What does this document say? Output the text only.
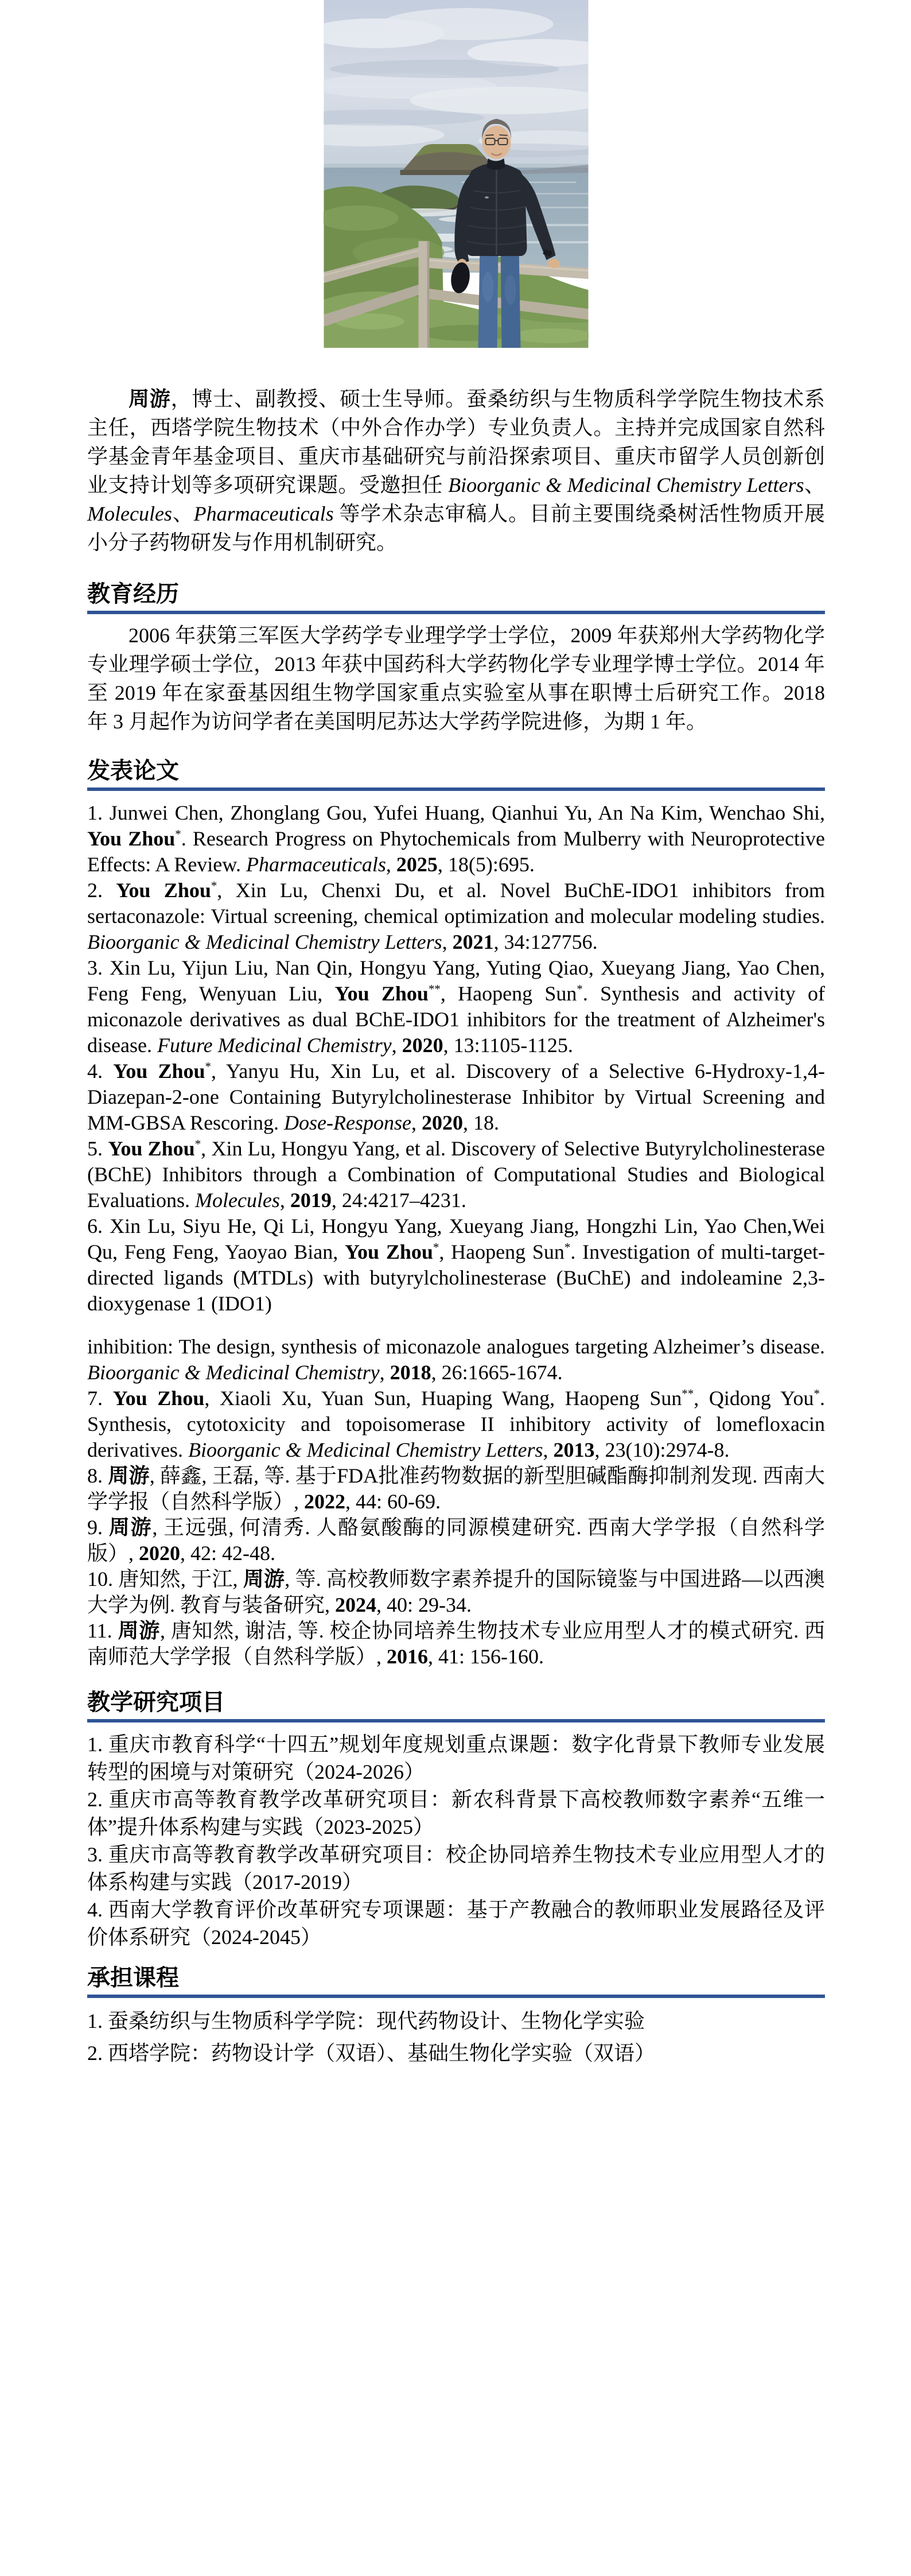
周游，博士、副教授、硕士生导师。蚕桑纺织与生物质科学学院生物技术系主任，西塔学院生物技术（中外合作办学）专业负责人。主持并完成国家自然科学基金青年基金项目、重庆市基础研究与前沿探索项目、重庆市留学人员创新创业支持计划等多项研究课题。受邀担任 Bioorganic & Medicinal Chemistry Letters、Molecules、Pharmaceuticals 等学术杂志审稿人。目前主要围绕桑树活性物质开展小分子药物研发与作用机制研究。

教育经历

2006 年获第三军医大学药学专业理学学士学位，2009 年获郑州大学药物化学专业理学硕士学位，2013 年获中国药科大学药物化学专业理学博士学位。2014 年至 2019 年在家蚕基因组生物学国家重点实验室从事在职博士后研究工作。2018 年 3 月起作为访问学者在美国明尼苏达大学药学院进修，为期 1 年。

发表论文
1. Junwei Chen, Zhonglang Gou, Yufei Huang, Qianhui Yu, An Na Kim, Wenchao Shi, You Zhou*. Research Progress on Phytochemicals from Mulberry with Neuroprotective Effects: A Review. Pharmaceuticals, 2025, 18(5):695.
2. You Zhou*, Xin Lu, Chenxi Du, et al. Novel BuChE-IDO1 inhibitors from sertaconazole: Virtual screening, chemical optimization and molecular modeling studies. Bioorganic & Medicinal Chemistry Letters, 2021, 34:127756.
3. Xin Lu, Yijun Liu, Nan Qin, Hongyu Yang, Yuting Qiao, Xueyang Jiang, Yao Chen, Feng Feng, Wenyuan Liu, You Zhou**, Haopeng Sun*. Synthesis and activity of miconazole derivatives as dual BChE-IDO1 inhibitors for the treatment of Alzheimer's disease. Future Medicinal Chemistry, 2020, 13:1105-1125.
4. You Zhou*, Yanyu Hu, Xin Lu, et al. Discovery of a Selective 6-Hydroxy-1,4-Diazepan-2-one Containing Butyrylcholinesterase Inhibitor by Virtual Screening and MM-GBSA Rescoring. Dose-Response, 2020, 18.
5. You Zhou*, Xin Lu, Hongyu Yang, et al. Discovery of Selective Butyrylcholinesterase (BChE) Inhibitors through a Combination of Computational Studies and Biological Evaluations. Molecules, 2019, 24:4217–4231.
6. Xin Lu, Siyu He, Qi Li, Hongyu Yang, Xueyang Jiang, Hongzhi Lin, Yao Chen,Wei Qu, Feng Feng, Yaoyao Bian, You Zhou*, Haopeng Sun*. Investigation of multi-target-directed ligands (MTDLs) with butyrylcholinesterase (BuChE) and indoleamine 2,3-dioxygenase 1 (IDO1)
inhibition: The design, synthesis of miconazole analogues targeting Alzheimer’s disease. Bioorganic & Medicinal Chemistry, 2018, 26:1665-1674.
7. You Zhou, Xiaoli Xu, Yuan Sun, Huaping Wang, Haopeng Sun**, Qidong You*. Synthesis, cytotoxicity and topoisomerase II inhibitory activity of lomefloxacin derivatives. Bioorganic & Medicinal Chemistry Letters, 2013, 23(10):2974-8.
8. 周游, 薛鑫, 王磊, 等. 基于FDA批准药物数据的新型胆碱酯酶抑制剂发现. 西南大学学报（自然科学版）, 2022, 44: 60-69.
9. 周游, 王远强, 何清秀. 人酪氨酸酶的同源模建研究. 西南大学学报（自然科学版）, 2020, 42: 42-48.
10. 唐知然, 于江, 周游, 等. 高校教师数字素养提升的国际镜鉴与中国进路—以西澳大学为例. 教育与装备研究, 2024, 40: 29-34.
11. 周游, 唐知然, 谢洁, 等. 校企协同培养生物技术专业应用型人才的模式研究. 西南师范大学学报（自然科学版）, 2016, 41: 156-160.
教学研究项目
1. 重庆市教育科学“十四五”规划年度规划重点课题：数字化背景下教师专业发展转型的困境与对策研究（2024-2026）
2. 重庆市高等教育教学改革研究项目：新农科背景下高校教师数字素养“五维一体”提升体系构建与实践（2023-2025）
3. 重庆市高等教育教学改革研究项目：校企协同培养生物技术专业应用型人才的体系构建与实践（2017-2019）
4. 西南大学教育评价改革研究专项课题：基于产教融合的教师职业发展路径及评价体系研究（2024-2045）
承担课程
1. 蚕桑纺织与生物质科学学院：现代药物设计、生物化学实验
2. 西塔学院：药物设计学（双语）、基础生物化学实验（双语）
